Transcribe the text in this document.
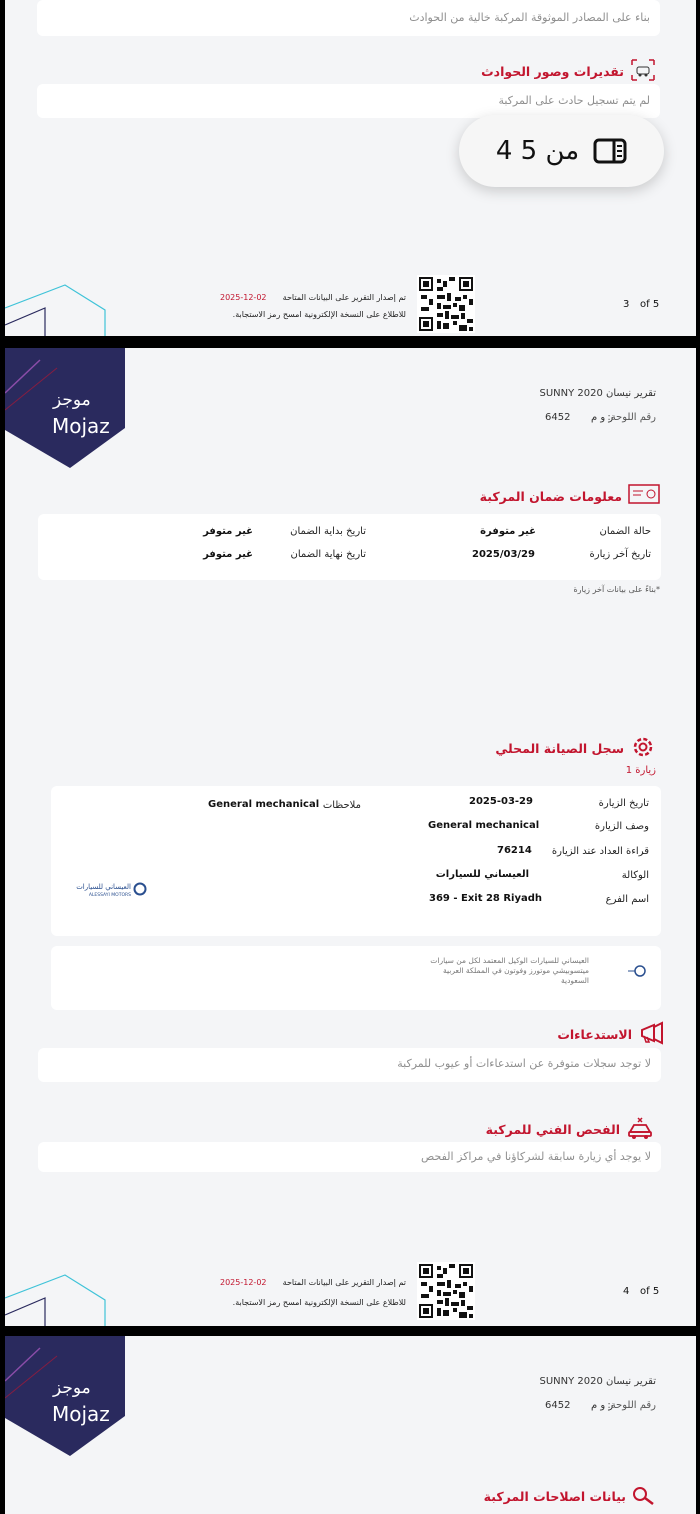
بناء على المصادر الموثوقة المركبة خالية من الحوادث
تقديرات وصور الحوادث
لم يتم تسجيل حادث على المركبة
تم إصدار التقرير على البيانات المتاحة
2025-12-02
للاطلاع على النسخة الإلكترونية امسح رمز الاستجابة.
3 of 5
4 من 5
موجز
Mojaz
تقرير نيسان SUNNY 2020
رقم اللوحة:
ر و م
6452
معلومات ضمان المركبة
حالة الضمان
غير متوفرة
تاريخ بداية الضمان
غير متوفر
تاريخ آخر زيارة
2025/03/29
تاريخ نهاية الضمان
غير متوفر
*بناءً على بيانات آخر زيارة
سجل الصيانة المحلي
زيارة 1
تاريخ الزيارة
2025-03-29
ملاحظات
General mechanical
وصف الزيارة
General mechanical
قراءة العداد عند الزيارة
76214
الوكالة
العيساني للسيارات
اسم الفرع
369 - Exit 28 Riyadh
العيساني للسيارات
ALESSAYI MOTORS
العيساني للسيارات الوكيل المعتمد لكل من سيارات ميتسوبيشي موتورز وفوتون في المملكة العربية السعودية
الاستدعاءات
لا توجد سجلات متوفرة عن استدعاءات أو عيوب للمركبة
الفحص الفني للمركبة
لا يوجد أي زيارة سابقة لشركاؤنا في مراكز الفحص
تم إصدار التقرير على البيانات المتاحة
2025-12-02
للاطلاع على النسخة الإلكترونية امسح رمز الاستجابة.
4 of 5
موجز
Mojaz
تقرير نيسان SUNNY 2020
رقم اللوحة:
ر و م
6452
بيانات اصلاحات المركبة
